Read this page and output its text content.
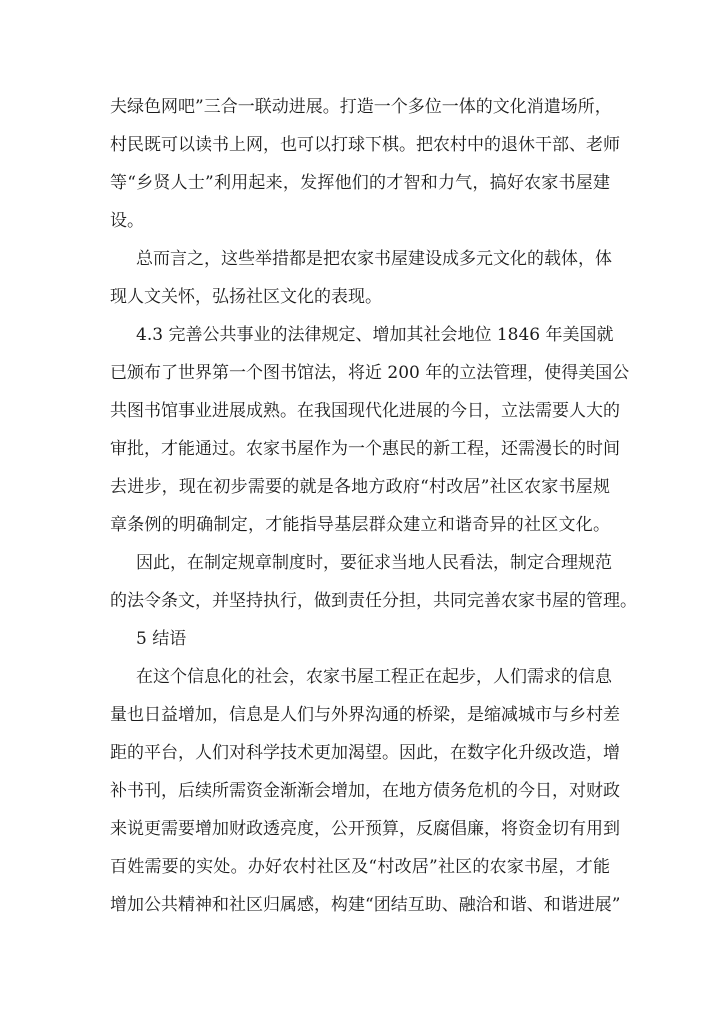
夫绿色网吧”三合一联动进展。打造一个多位一体的文化消遣场所，
村民既可以读书上网，也可以打球下棋。把农村中的退休干部、老师
等“乡贤人士”利用起来，发挥他们的才智和力气，搞好农家书屋建
设。
总而言之，这些举措都是把农家书屋建设成多元文化的载体，体
现人文关怀，弘扬社区文化的表现。
4.3 完善公共事业的法律规定、增加其社会地位 1846 年美国就
已颁布了世界第一个图书馆法，将近 200 年的立法管理，使得美国公
共图书馆事业进展成熟。在我国现代化进展的今日，立法需要人大的
审批，才能通过。农家书屋作为一个惠民的新工程，还需漫长的时间
去进步，现在初步需要的就是各地方政府“村改居”社区农家书屋规
章条例的明确制定，才能指导基层群众建立和谐奇异的社区文化。
因此，在制定规章制度时，要征求当地人民看法，制定合理规范
的法令条文，并坚持执行，做到责任分担，共同完善农家书屋的管理。
5 结语
在这个信息化的社会，农家书屋工程正在起步，人们需求的信息
量也日益增加，信息是人们与外界沟通的桥梁，是缩减城市与乡村差
距的平台，人们对科学技术更加渴望。因此，在数字化升级改造，增
补书刊，后续所需资金渐渐会增加，在地方债务危机的今日，对财政
来说更需要增加财政透亮度，公开预算，反腐倡廉，将资金切有用到
百姓需要的实处。办好农村社区及“村改居”社区的农家书屋，才能
增加公共精神和社区归属感，构建“团结互助、融洽和谐、和谐进展”
